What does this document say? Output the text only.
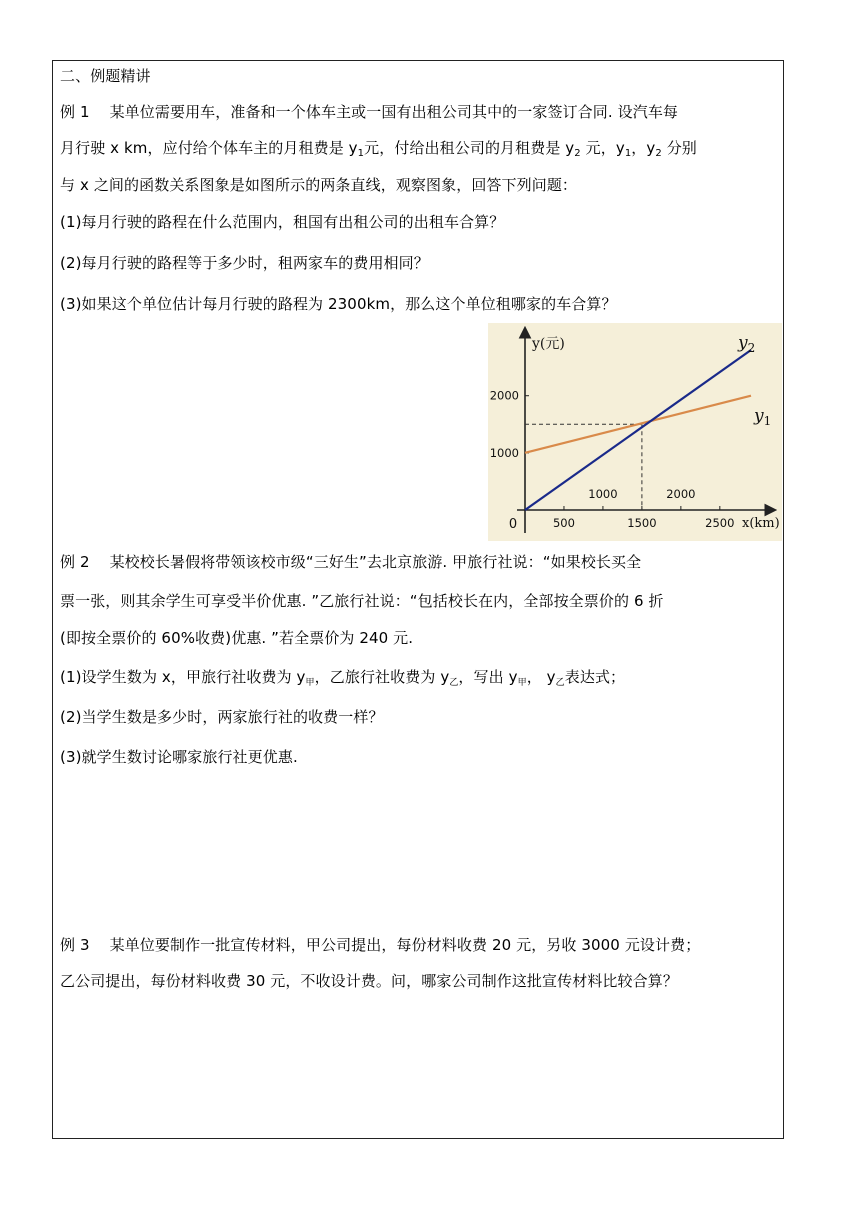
二、例题精讲
例 1　 某单位需要用车，准备和一个体车主或一国有出租公司其中的一家签订合同. 设汽车每
月行驶 x km，应付给个体车主的月租费是 $y_1$元，付给出租公司的月租费是 $y_2$ 元，$y_1$，$y_2$ 分别
与 x 之间的函数关系图象是如图所示的两条直线，观察图象，回答下列问题：
(1)每月行驶的路程在什么范围内，租国有出租公司的出租车合算？
(2)每月行驶的路程等于多少时，租两家车的费用相同？
(3)如果这个单位估计每月行驶的路程为 2300km，那么这个单位租哪家的车合算？
500	1500	2500
1000	2000
1000
2000
$y_1$
$y_2$
y(元)
x(km)
0
例 2　 某校校长暑假将带领该校市级“三好生”去北京旅游. 甲旅行社说：“如果校长买全
票一张，则其余学生可享受半价优惠. ”乙旅行社说：“包括校长在内，全部按全票价的 6 折
(即按全票价的 60%收费)优惠. ”若全票价为 240 元.
(1)设学生数为 x，甲旅行社收费为 $y_甲$，乙旅行社收费为 $y_乙$，写出 $y_甲$， $y_乙$表达式；
(2)当学生数是多少时，两家旅行社的收费一样？
(3)就学生数讨论哪家旅行社更优惠.
例 3　 某单位要制作一批宣传材料，甲公司提出，每份材料收费 20 元，另收 3000 元设计费；
乙公司提出，每份材料收费 30 元，不收设计费。问，哪家公司制作这批宣传材料比较合算？
